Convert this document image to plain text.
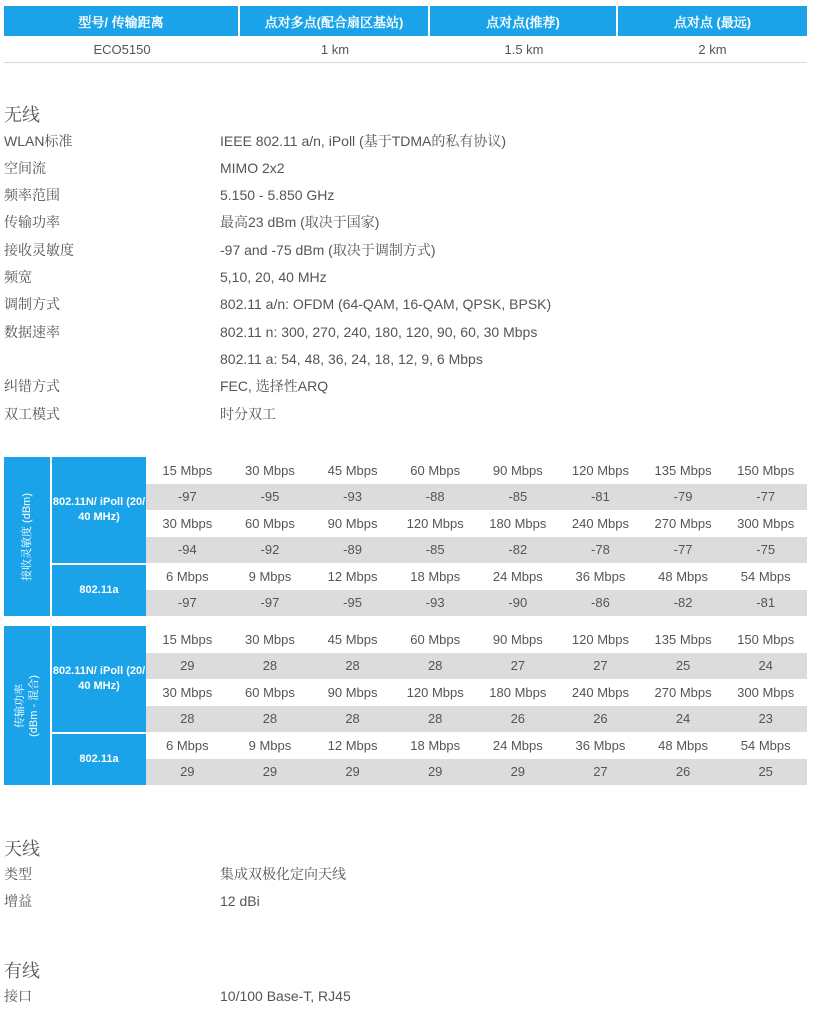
型号/ 传输距离	点对多点(配合扇区基站)	点对点(推荐)	点对点 (最远)
ECO5150	1 km	1.5 km	2 km
无线
WLAN标准	IEEE 802.11 a/n, iPoll (基于TDMA的私有协议)
空间流	MIMO 2x2
频率范围	5.150 - 5.850 GHz
传输功率	最高23 dBm (取决于国家)
接收灵敏度	-97 and -75 dBm (取决于调制方式)
频宽	5,10, 20, 40 MHz
调制方式	802.11 a/n: OFDM (64-QAM, 16-QAM, QPSK, BPSK)
数据速率	802.11 n: 300, 270, 240, 180, 120, 90, 60, 30 Mbps
802.11 a: 54, 48, 36, 24, 18, 12, 9, 6 Mbps
纠错方式	FEC, 选择性ARQ
双工模式	时分双工
接收灵敏度 (dBm) 802.11N/ iPoll (20/ 40 MHz)
802.11a
15 Mbps	30 Mbps	45 Mbps	60 Mbps	90 Mbps	120 Mbps	135 Mbps	150 Mbps
-97	-95	-93	-88	-85	-81	-79	-77
30 Mbps	60 Mbps	90 Mbps	120 Mbps	180 Mbps	240 Mbps	270 Mbps	300 Mbps
-94	-92	-89	-85	-82	-78	-77	-75
6 Mbps	9 Mbps	12 Mbps	18 Mbps	24 Mbps	36 Mbps	48 Mbps	54 Mbps
-97	-97	-95	-93	-90	-86	-82	-81
传输功率 (dBm - 混合)
802.11N/ iPoll (20/ 40 MHz)
802.11a
15 Mbps	30 Mbps	45 Mbps	60 Mbps	90 Mbps	120 Mbps	135 Mbps	150 Mbps
29	28	28	28	27	27	25	24
30 Mbps	60 Mbps	90 Mbps	120 Mbps	180 Mbps	240 Mbps	270 Mbps	300 Mbps
28	28	28	28	26	26	24	23
6 Mbps	9 Mbps	12 Mbps	18 Mbps	24 Mbps	36 Mbps	48 Mbps	54 Mbps
29	29	29	29	29	27	26	25
天线
类型	集成双极化定向天线
增益	12 dBi
有线
接口	10/100 Base-T, RJ45
